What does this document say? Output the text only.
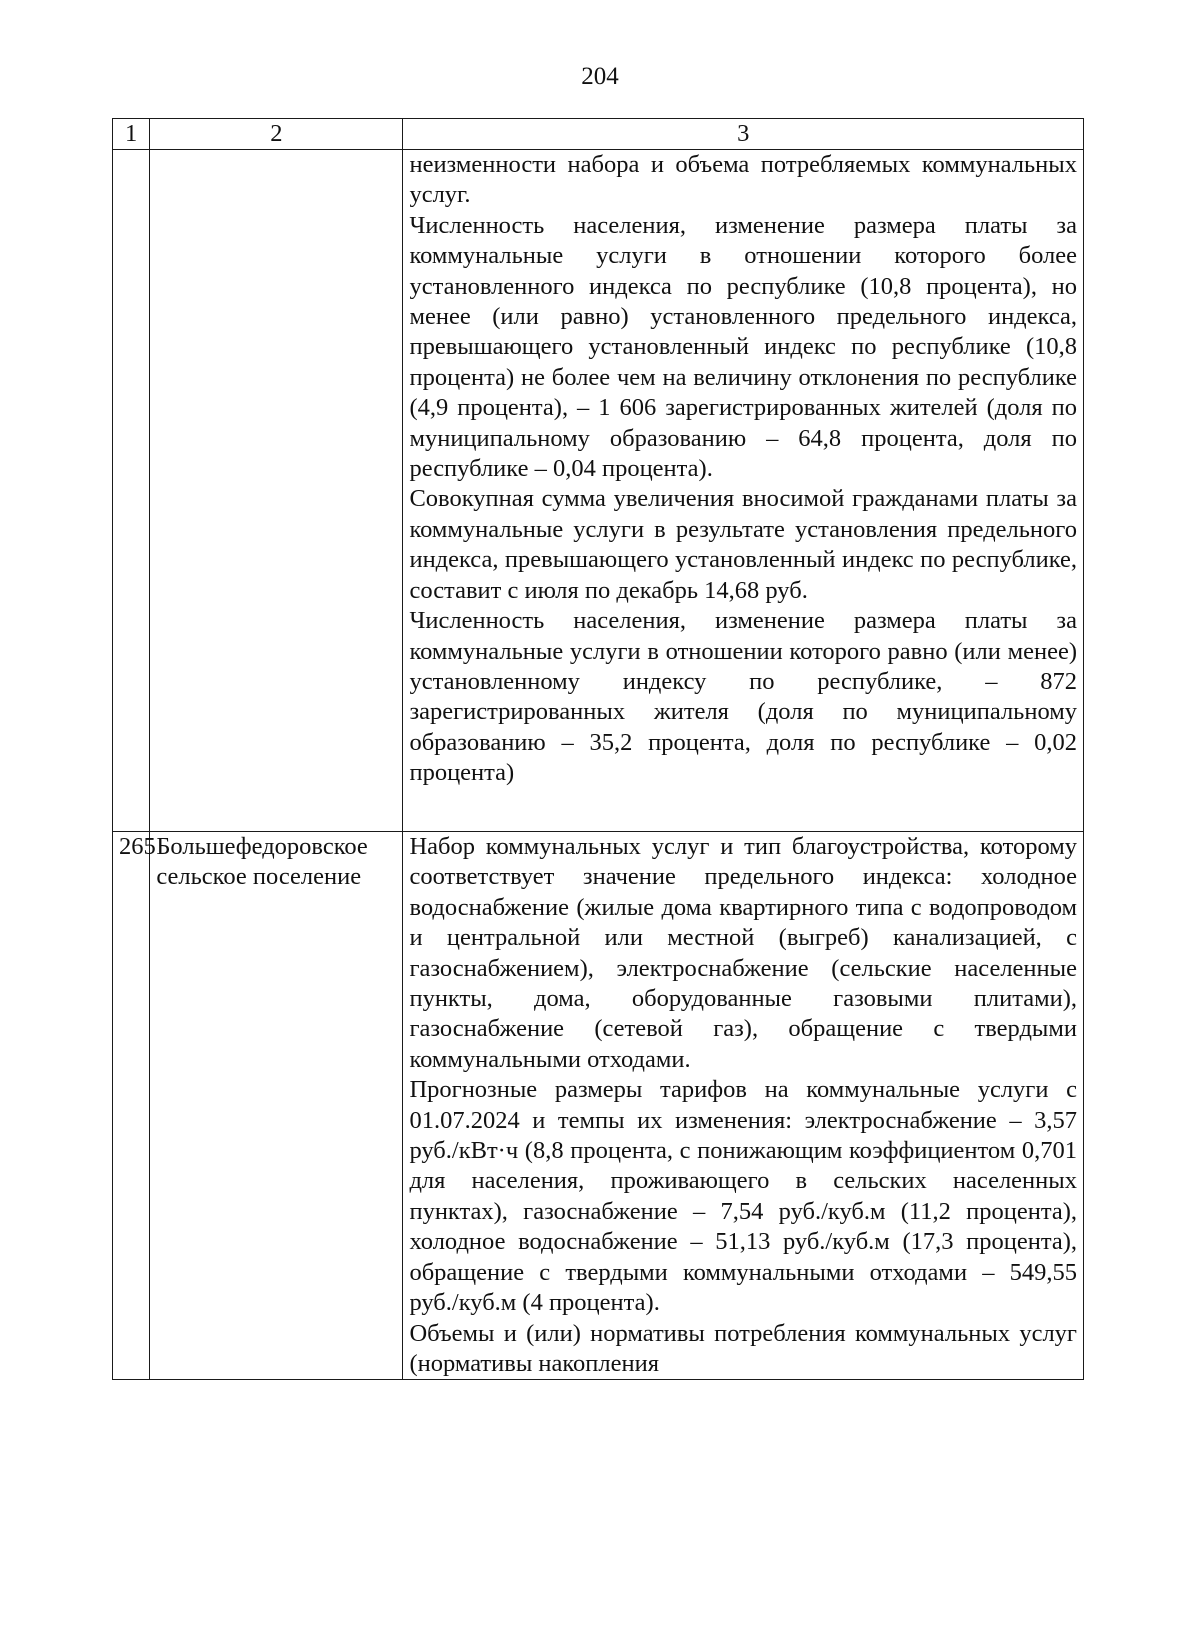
204
1	2	3

		неизменности набора и объема потребляемых коммунальных услуг.

Численность населения, изменение размера платы за коммунальные услуги в отношении которого более установленного индекса по республике (10,8 процента), но менее (или равно) установленного предельного индекса, превышающего установленный индекс по республике (10,8 процента) не более чем на величину отклонения по республике (4,9 процента), – 1 606 зарегистрированных жителей (доля по муниципальному образованию – 64,8 процента, доля по республике – 0,04 процента).

Совокупная сумма увеличения вносимой гражданами платы за коммунальные услуги в результате установления предельного индекса, превышающего установленный индекс по республике, составит с июля по декабрь 14,68 руб.

Численность населения, изменение размера платы за коммунальные услуги в отношении которого равно (или менее) установленному индексу по республике, – 872 зарегистрированных жителя (доля по муниципальному образованию – 35,2 процента, доля по республике – 0,02 процента)

265	Большефедоровское сельское поселение	Набор коммунальных услуг и тип благоустройства, которому соответствует значение предельного индекса: холодное водоснабжение (жилые дома квартирного типа с водопроводом и центральной или местной (выгреб) канализацией, с газоснабжением), электроснабжение (сельские населенные пункты, дома, оборудованные газовыми плитами), газоснабжение (сетевой газ), обращение с твердыми коммунальными отходами.

Прогнозные размеры тарифов на коммунальные услуги с 01.07.2024 и темпы их изменения: электроснабжение – 3,57 руб./кВт·ч (8,8 процента, с понижающим коэффициентом 0,701 для населения, проживающего в сельских населенных пунктах), газоснабжение – 7,54 руб./куб.м (11,2 процента), холодное водоснабжение – 51,13 руб./куб.м (17,3 процента), обращение с твердыми коммунальными отходами – 549,55 руб./куб.м (4 процента).

Объемы и (или) нормативы потребления коммунальных услуг (нормативы накопления
